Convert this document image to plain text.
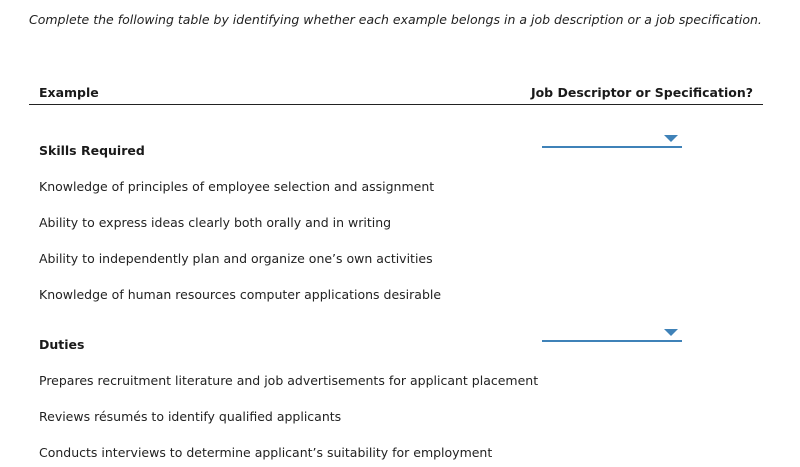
Complete the following table by identifying whether each example belongs in a job description or a job specification.
Example	Job Descriptor or Specification?
Skills Required
Knowledge of principles of employee selection and assignment
Ability to express ideas clearly both orally and in writing
Ability to independently plan and organize one’s own activities
Knowledge of human resources computer applications desirable
Duties
Prepares recruitment literature and job advertisements for applicant placement
Reviews résumés to identify qualified applicants
Conducts interviews to determine applicant’s suitability for employment
